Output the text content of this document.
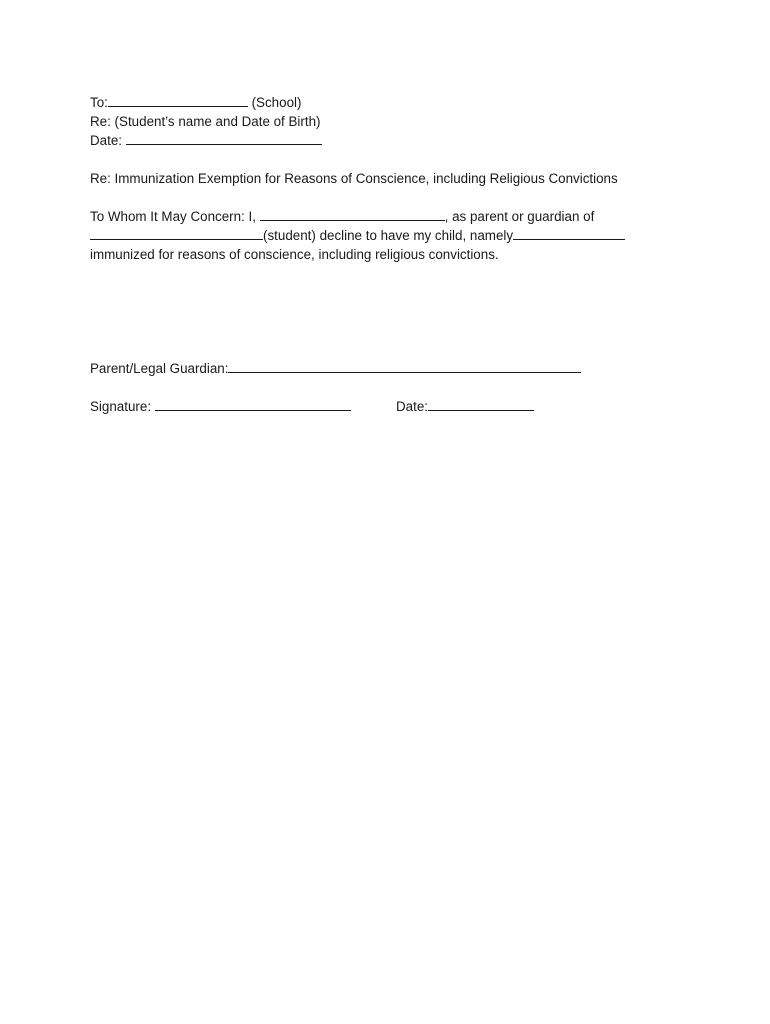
To:	(School)
Re: (Student’s name and Date of Birth)
Date:
Re: Immunization Exemption for Reasons of Conscience, including Religious Convictions
To Whom It May Concern: I,	, as parent or guardian of
(student) decline to have my child, namely
immunized for reasons of conscience, including religious convictions.
Parent/Legal Guardian:
Signature:	Date:
